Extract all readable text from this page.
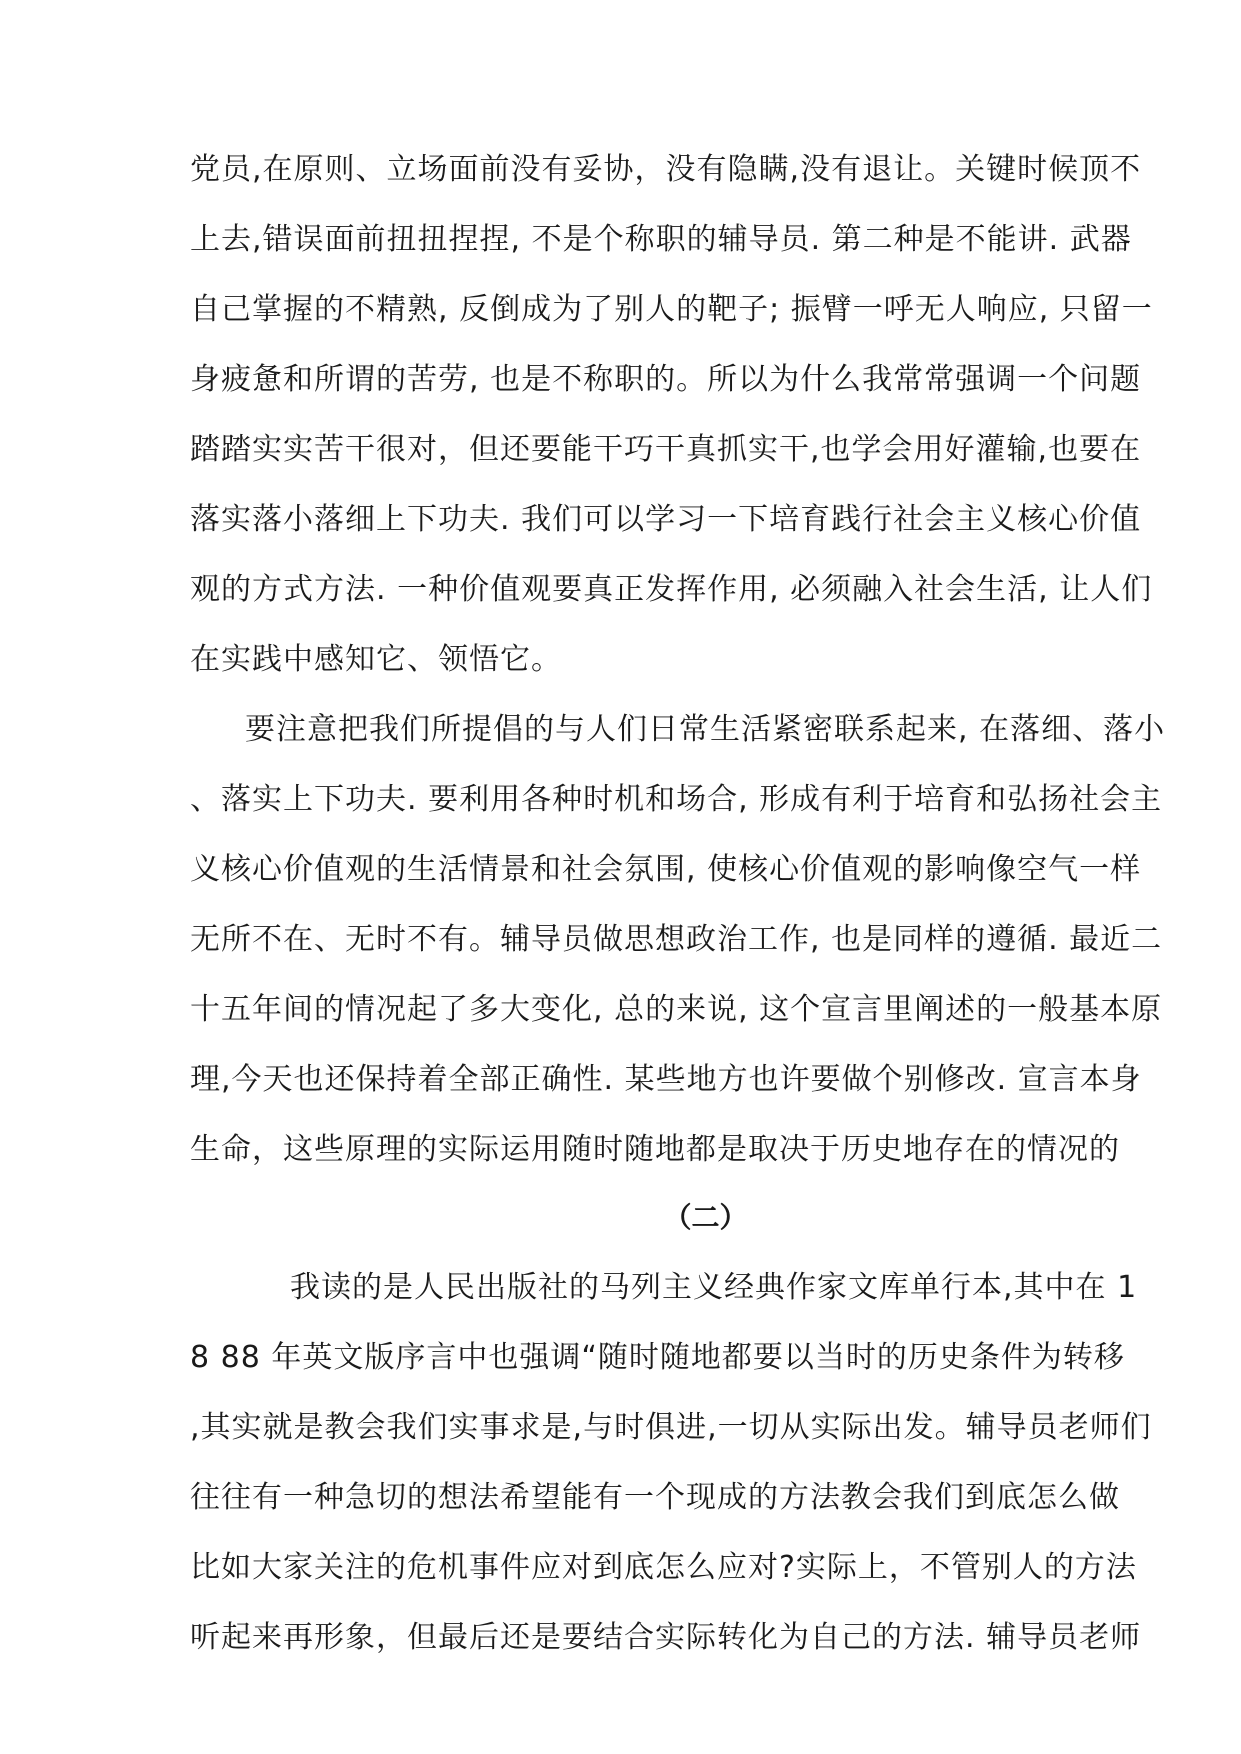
党员,在原则、立场面前没有妥协，没有隐瞒,没有退让。关键时候顶不
上去,错误面前扭扭捏捏, 不是个称职的辅导员. 第二种是不能讲. 武器
自己掌握的不精熟, 反倒成为了别人的靶子; 振臂一呼无人响应, 只留一
身疲惫和所谓的苦劳, 也是不称职的。所以为什么我常常强调一个问题
踏踏实实苦干很对，但还要能干巧干真抓实干,也学会用好灌输,也要在
落实落小落细上下功夫. 我们可以学习一下培育践行社会主义核心价值
观的方式方法. 一种价值观要真正发挥作用, 必须融入社会生活, 让人们
在实践中感知它、领悟它。
要注意把我们所提倡的与人们日常生活紧密联系起来, 在落细、落小
、落实上下功夫. 要利用各种时机和场合, 形成有利于培育和弘扬社会主
义核心价值观的生活情景和社会氛围, 使核心价值观的影响像空气一样
无所不在、无时不有。辅导员做思想政治工作, 也是同样的遵循. 最近二
十五年间的情况起了多大变化, 总的来说, 这个宣言里阐述的一般基本原
理,今天也还保持着全部正确性. 某些地方也许要做个别修改. 宣言本身
生命，这些原理的实际运用随时随地都是取决于历史地存在的情况的
（二）
我读的是人民出版社的马列主义经典作家文库单行本,其中在 1
8 88 年英文版序言中也强调“随时随地都要以当时的历史条件为转移
,其实就是教会我们实事求是,与时俱进,一切从实际出发。辅导员老师们
往往有一种急切的想法希望能有一个现成的方法教会我们到底怎么做
比如大家关注的危机事件应对到底怎么应对?实际上，不管别人的方法
听起来再形象，但最后还是要结合实际转化为自己的方法. 辅导员老师
